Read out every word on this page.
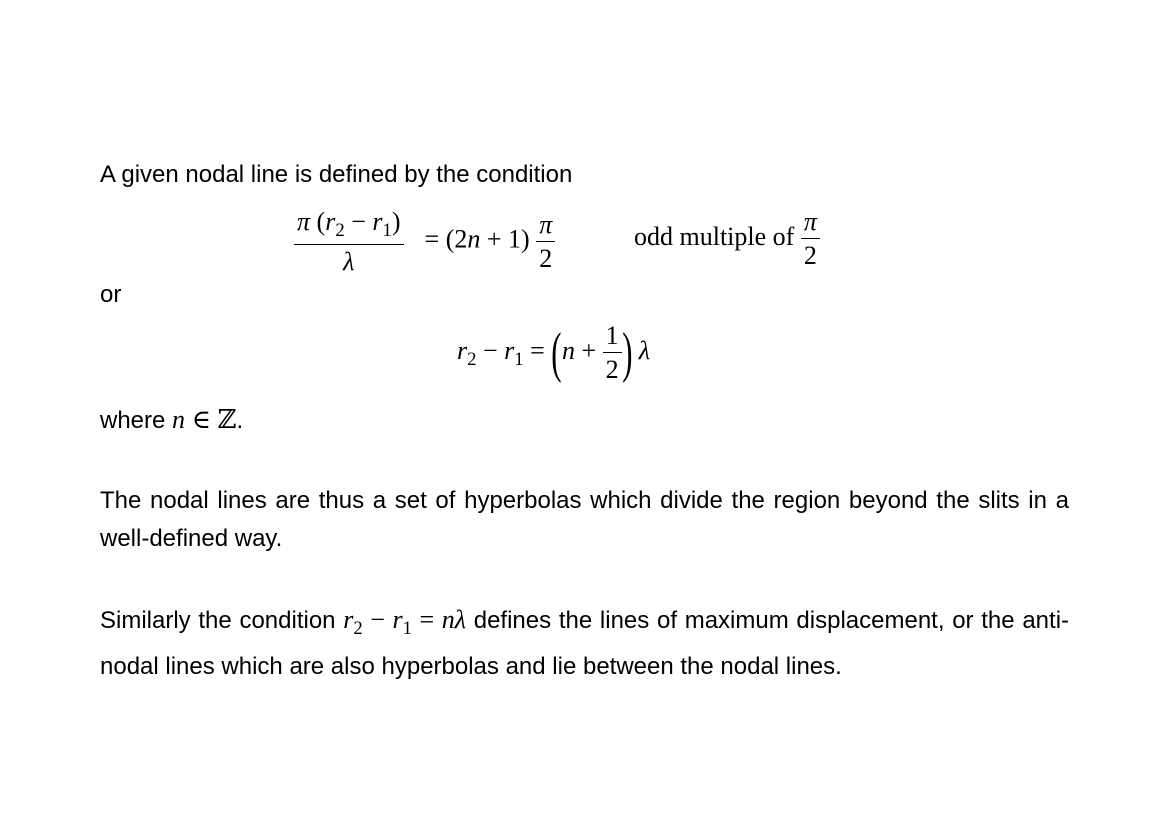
A given nodal line is defined by the condition
$\frac{\pi (r_2 - r_1)}{\lambda} = (2n + 1) \frac{\pi}{2}$	odd multiple of $\frac{\pi}{2}$
or
$r_2 - r_1 = (n + \frac{1}{2}$ ) λ
where n ∈ ℤ.
The nodal lines are thus a set of hyperbolas which divide the region beyond the slits in a well-defined way.
Similarly the condition $r_2 - r_1 = n\lambda$ defines the lines of maximum displacement, or the anti-nodal lines which are also hyperbolas and lie between the nodal lines.
